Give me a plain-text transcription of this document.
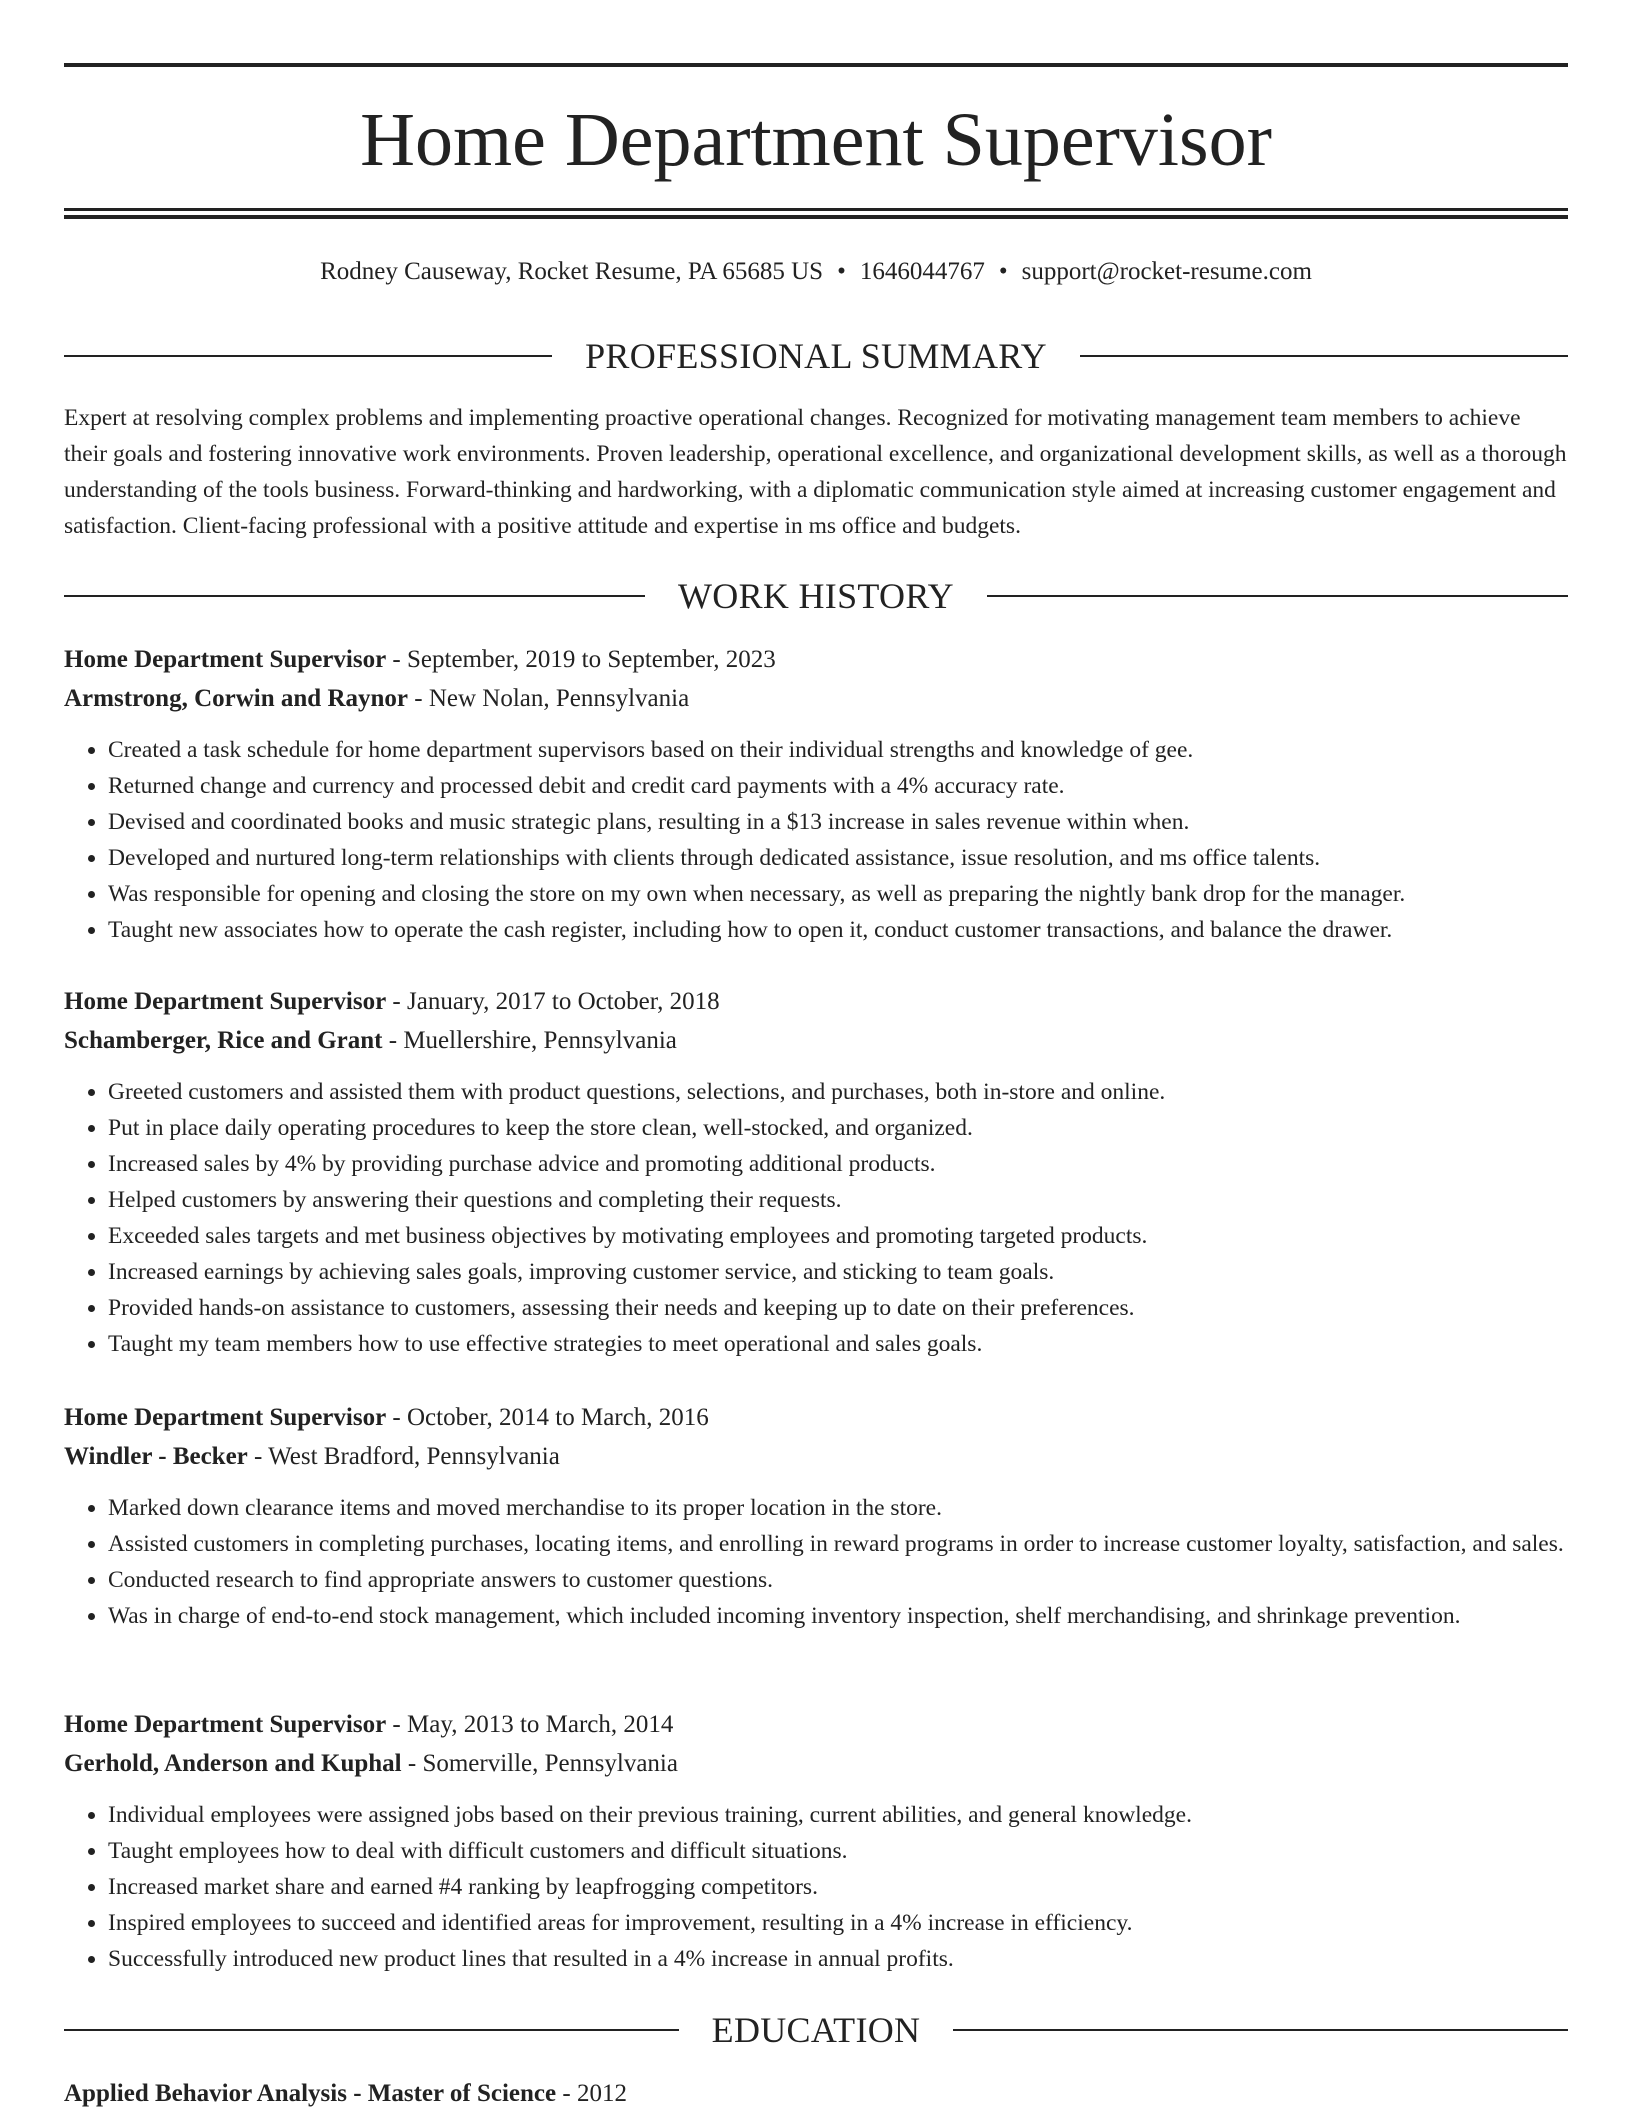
Home Department Supervisor
Rodney Causeway, Rocket Resume, PA 65685 US • 1646044767 • support@rocket-resume.com
PROFESSIONAL SUMMARY

Expert at resolving complex problems and implementing proactive operational changes. Recognized for motivating management team members to achieve their goals and fostering innovative work environments. Proven leadership, operational excellence, and organizational development skills, as well as a thorough understanding of the tools business. Forward-thinking and hardworking, with a diplomatic communication style aimed at increasing customer engagement and satisfaction. Client-facing professional with a positive attitude and expertise in ms office and budgets.

WORK HISTORY
Home Department Supervisor - September, 2019 to September, 2023
Armstrong, Corwin and Raynor - New Nolan, Pennsylvania
• Created a task schedule for home department supervisors based on their individual strengths and knowledge of gee.
• Returned change and currency and processed debit and credit card payments with a 4% accuracy rate.
• Devised and coordinated books and music strategic plans, resulting in a $13 increase in sales revenue within when.
• Developed and nurtured long-term relationships with clients through dedicated assistance, issue resolution, and ms office talents.
• Was responsible for opening and closing the store on my own when necessary, as well as preparing the nightly bank drop for the manager.
• Taught new associates how to operate the cash register, including how to open it, conduct customer transactions, and balance the drawer.
Home Department Supervisor - January, 2017 to October, 2018
Schamberger, Rice and Grant - Muellershire, Pennsylvania
• Greeted customers and assisted them with product questions, selections, and purchases, both in-store and online.
• Put in place daily operating procedures to keep the store clean, well-stocked, and organized.
• Increased sales by 4% by providing purchase advice and promoting additional products.
• Helped customers by answering their questions and completing their requests.
• Exceeded sales targets and met business objectives by motivating employees and promoting targeted products.
• Increased earnings by achieving sales goals, improving customer service, and sticking to team goals.
• Provided hands-on assistance to customers, assessing their needs and keeping up to date on their preferences.
• Taught my team members how to use effective strategies to meet operational and sales goals.
Home Department Supervisor - October, 2014 to March, 2016
Windler - Becker - West Bradford, Pennsylvania
• Marked down clearance items and moved merchandise to its proper location in the store.
• Assisted customers in completing purchases, locating items, and enrolling in reward programs in order to increase customer loyalty, satisfaction, and sales.
• Conducted research to find appropriate answers to customer questions.
• Was in charge of end-to-end stock management, which included incoming inventory inspection, shelf merchandising, and shrinkage prevention.
Home Department Supervisor - May, 2013 to March, 2014
Gerhold, Anderson and Kuphal - Somerville, Pennsylvania
• Individual employees were assigned jobs based on their previous training, current abilities, and general knowledge.
• Taught employees how to deal with difficult customers and difficult situations.
• Increased market share and earned #4 ranking by leapfrogging competitors.
• Inspired employees to succeed and identified areas for improvement, resulting in a 4% increase in efficiency.
• Successfully introduced new product lines that resulted in a 4% increase in annual profits.
EDUCATION
Applied Behavior Analysis - Master of Science - 2012
